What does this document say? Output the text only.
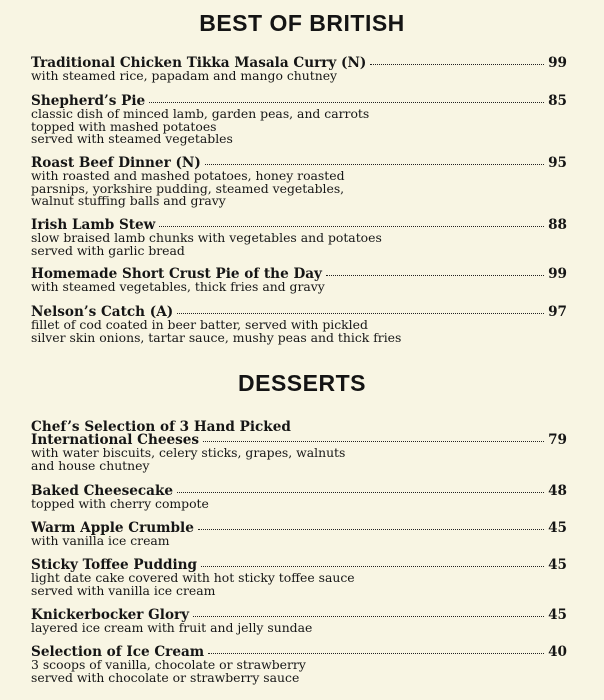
BEST OF BRITISH
Traditional Chicken Tikka Masala Curry (N)	99
with steamed rice, papadam and mango chutney
Shepherd’s Pie	85
classic dish of minced lamb, garden peas, and carrots
topped with mashed potatoes
served with steamed vegetables
Roast Beef Dinner (N)	95
with roasted and mashed potatoes, honey roasted
parsnips, yorkshire pudding, steamed vegetables,
walnut stuffing balls and gravy
Irish Lamb Stew	88
slow braised lamb chunks with vegetables and potatoes
served with garlic bread
Homemade Short Crust Pie of the Day	99
with steamed vegetables, thick fries and gravy
Nelson’s Catch (A)	97
fillet of cod coated in beer batter, served with pickled
silver skin onions, tartar sauce, mushy peas and thick fries
DESSERTS
Chef’s Selection of 3 Hand Picked
International Cheeses	79
with water biscuits, celery sticks, grapes, walnuts
and house chutney
Baked Cheesecake	48
topped with cherry compote
Warm Apple Crumble	45
with vanilla ice cream
Sticky Toffee Pudding	45
light date cake covered with hot sticky toffee sauce
served with vanilla ice cream
Knickerbocker Glory	45
layered ice cream with fruit and jelly sundae
Selection of Ice Cream	40
3 scoops of vanilla, chocolate or strawberry
served with chocolate or strawberry sauce
